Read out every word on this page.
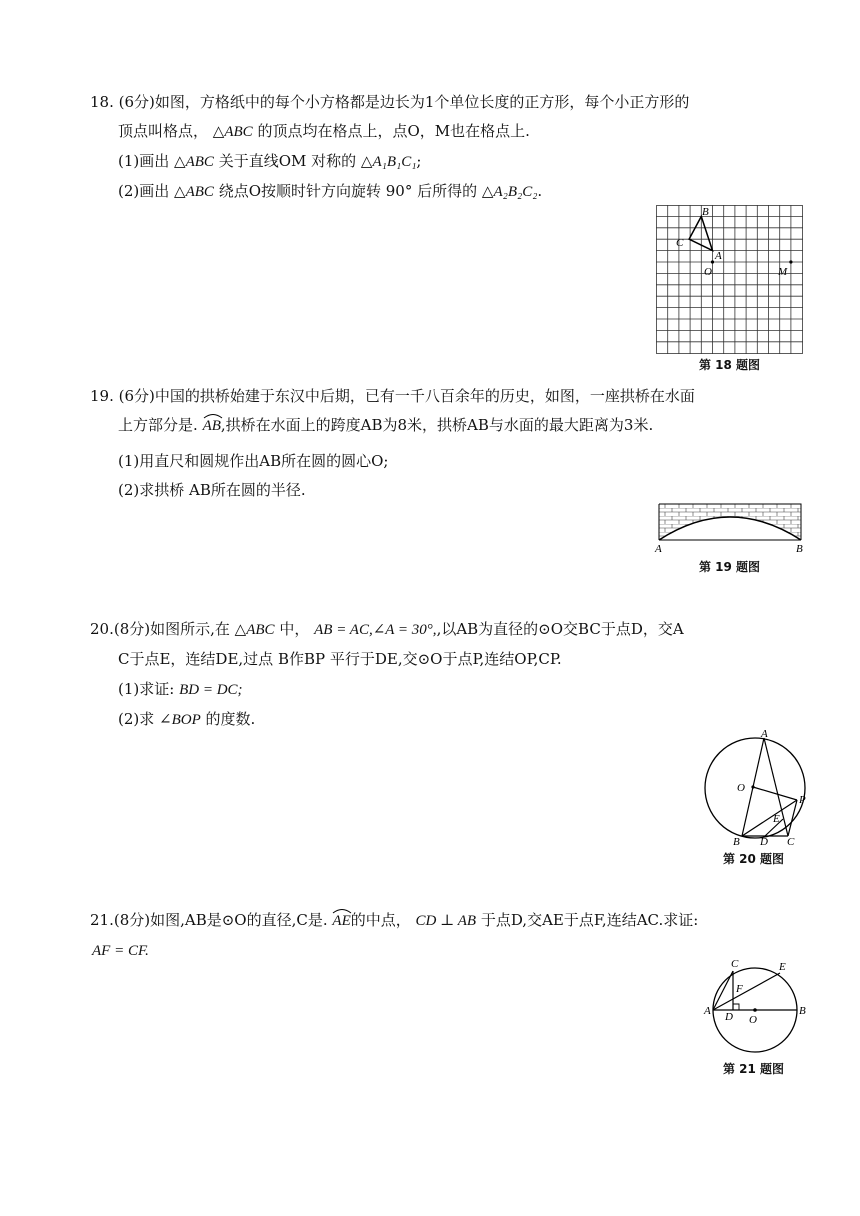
18. (6分)如图，方格纸中的每个小方格都是边长为1个单位长度的正方形，每个小正方形的
顶点叫格点， △ABC 的顶点均在格点上，点O，M也在格点上.
(1)画出 △ABC 关于直线OM 对称的 △A₁B₁C₁;
(2)画出 △ABC 绕点O按顺时针方向旋转 90° 后所得的 △A₂B₂C₂.
B
C
A
O	M
第 18 题图
19. (6分)中国的拱桥始建于东汉中后期，已有一千八百余年的历史，如图，一座拱桥在水面
上方部分是. AB,拱桥在水面上的跨度AB为8米，拱桥AB与水面的最大距离为3米.
(1)用直尺和圆规作出AB所在圆的圆心O;
(2)求拱桥 AB所在圆的半径.
A	B
第 19 题图
20.(8分)如图所示,在 △ABC 中， AB = AC,∠A = 30°,,以AB为直径的⊙O交BC于点D，交A
C于点E，连结DE,过点 B作BP 平行于DE,交⊙O于点P,连结OP,CP.
(1)求证: BD = DC;
(2)求 ∠BOP 的度数.
A
O
P
E
B D C
第 20 题图
21.(8分)如图,AB是⊙O的直径,C是. AE的中点， CD ⊥ AB 于点D,交AE于点F,连结AC.求证:
AF = CF.
C	E
F
A D O
B
第 21 题图
